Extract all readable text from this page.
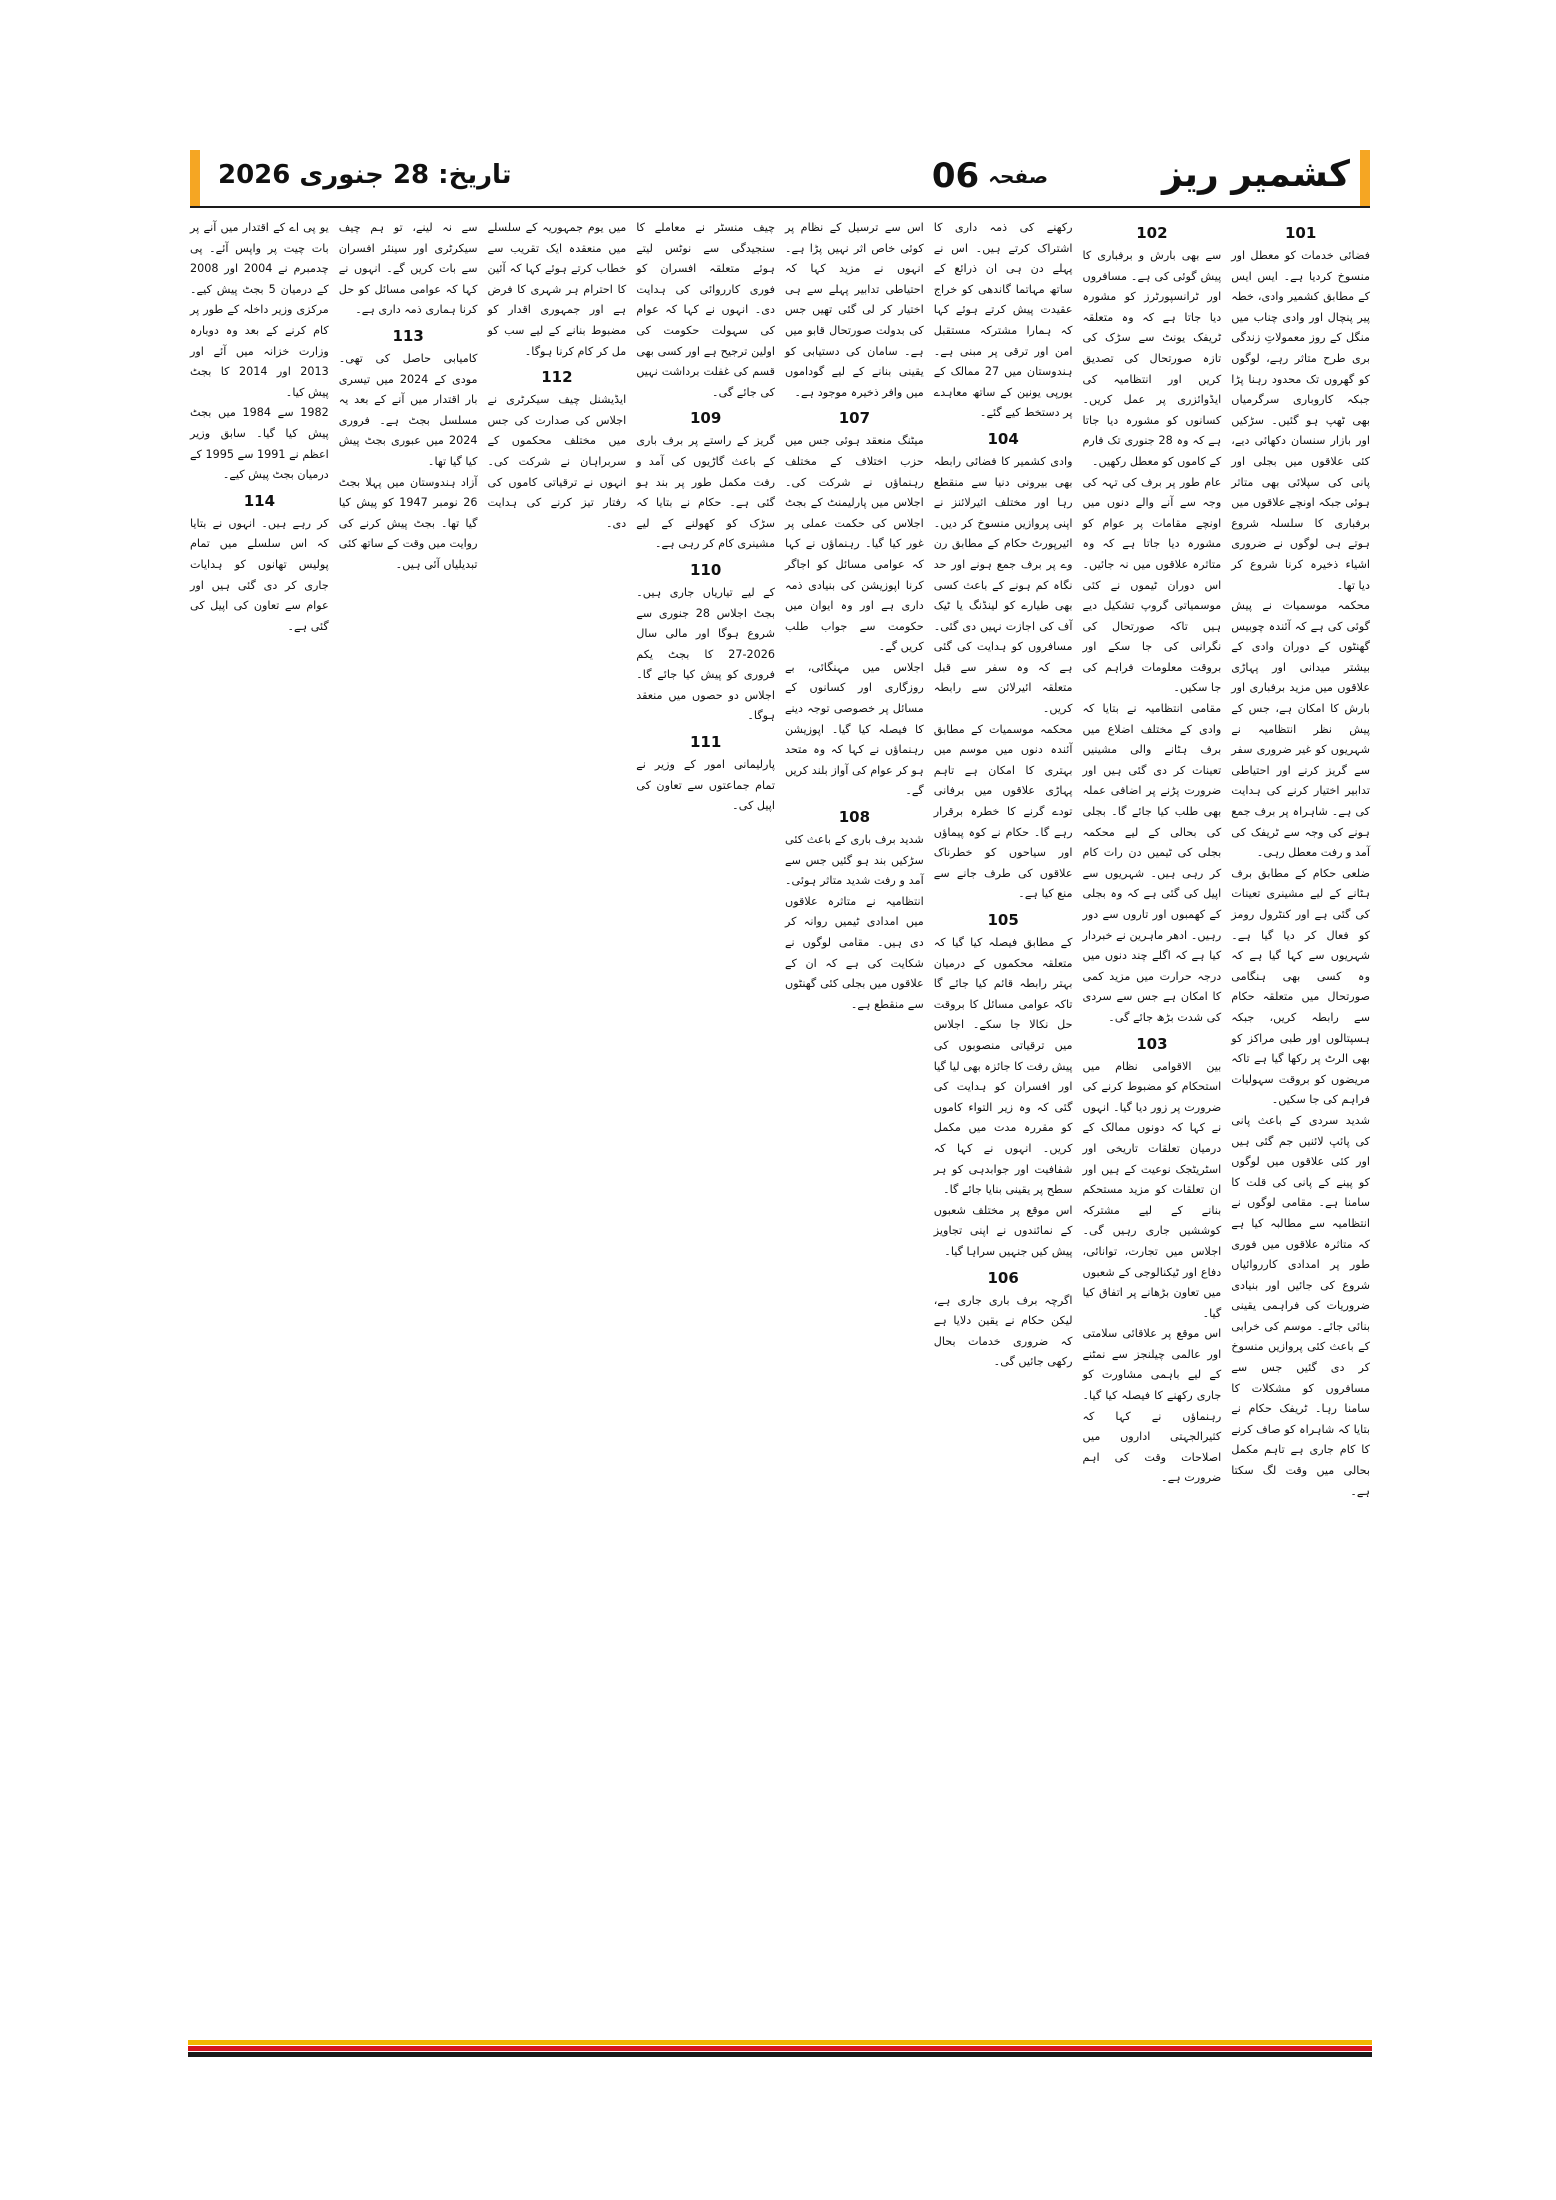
تاریخ: 28 جنوری 2026	صفحہ 06	کشمیر ریز
101
فضائی خدمات کو معطل اور منسوخ کردیا ہے۔ ایس ایس کے مطابق کشمیر وادی، خطہ پیر پنچال اور وادی چناب میں منگل کے روز معمولاتِ زندگی بری طرح متاثر رہے، لوگوں کو گھروں تک محدود رہنا پڑا جبکہ کاروباری سرگرمیاں بھی ٹھپ ہو گئیں۔ سڑکیں اور بازار سنسان دکھائی دیے، کئی علاقوں میں بجلی اور پانی کی سپلائی بھی متاثر ہوئی جبکہ اونچے علاقوں میں برفباری کا سلسلہ شروع ہوتے ہی لوگوں نے ضروری اشیاء ذخیرہ کرنا شروع کر دیا تھا۔
محکمہ موسمیات نے پیش گوئی کی ہے کہ آئندہ چوبیس گھنٹوں کے دوران وادی کے بیشتر میدانی اور پہاڑی علاقوں میں مزید برفباری اور بارش کا امکان ہے، جس کے پیش نظر انتظامیہ نے شہریوں کو غیر ضروری سفر سے گریز کرنے اور احتیاطی تدابیر اختیار کرنے کی ہدایت کی ہے۔ شاہراہ پر برف جمع ہونے کی وجہ سے ٹریفک کی آمد و رفت معطل رہی۔
ضلعی حکام کے مطابق برف ہٹانے کے لیے مشینری تعینات کی گئی ہے اور کنٹرول رومز کو فعال کر دیا گیا ہے۔ شہریوں سے کہا گیا ہے کہ وہ کسی بھی ہنگامی صورتحال میں متعلقہ حکام سے رابطہ کریں، جبکہ ہسپتالوں اور طبی مراکز کو بھی الرٹ پر رکھا گیا ہے تاکہ مریضوں کو بروقت سہولیات فراہم کی جا سکیں۔
شدید سردی کے باعث پانی کی پائپ لائنیں جم گئی ہیں اور کئی علاقوں میں لوگوں کو پینے کے پانی کی قلت کا سامنا ہے۔ مقامی لوگوں نے انتظامیہ سے مطالبہ کیا ہے کہ متاثرہ علاقوں میں فوری طور پر امدادی کارروائیاں شروع کی جائیں اور بنیادی ضروریات کی فراہمی یقینی بنائی جائے۔ موسم کی خرابی کے باعث کئی پروازیں منسوخ کر دی گئیں جس سے مسافروں کو مشکلات کا سامنا رہا۔ ٹریفک حکام نے بتایا کہ شاہراہ کو صاف کرنے کا کام جاری ہے تاہم مکمل بحالی میں وقت لگ سکتا ہے۔
102
سے بھی بارش و برفباری کا پیش گوئی کی ہے۔ مسافروں اور ٹرانسپورٹرز کو مشورہ دیا جاتا ہے کہ وہ متعلقہ ٹریفک یونٹ سے سڑک کی تازہ صورتحال کی تصدیق کریں اور انتظامیہ کی ایڈوائزری پر عمل کریں۔ کسانوں کو مشورہ دیا جاتا ہے کہ وہ 28 جنوری تک فارم کے کاموں کو معطل رکھیں۔
عام طور پر برف کی تہہ کی وجہ سے آنے والے دنوں میں اونچے مقامات پر عوام کو مشورہ دیا جاتا ہے کہ وہ متاثرہ علاقوں میں نہ جائیں۔ اس دوران ٹیموں نے کئی موسمیاتی گروپ تشکیل دیے ہیں تاکہ صورتحال کی نگرانی کی جا سکے اور بروقت معلومات فراہم کی جا سکیں۔
مقامی انتظامیہ نے بتایا کہ وادی کے مختلف اضلاع میں برف ہٹانے والی مشینیں تعینات کر دی گئی ہیں اور ضرورت پڑنے پر اضافی عملہ بھی طلب کیا جائے گا۔ بجلی کی بحالی کے لیے محکمہ بجلی کی ٹیمیں دن رات کام کر رہی ہیں۔ شہریوں سے اپیل کی گئی ہے کہ وہ بجلی کے کھمبوں اور تاروں سے دور رہیں۔ ادھر ماہرین نے خبردار کیا ہے کہ اگلے چند دنوں میں درجہ حرارت میں مزید کمی کا امکان ہے جس سے سردی کی شدت بڑھ جائے گی۔
103
بین الاقوامی نظام میں استحکام کو مضبوط کرنے کی ضرورت پر زور دیا گیا۔ انہوں نے کہا کہ دونوں ممالک کے درمیان تعلقات تاریخی اور اسٹریٹجک نوعیت کے ہیں اور ان تعلقات کو مزید مستحکم بنانے کے لیے مشترکہ کوششیں جاری رہیں گی۔ اجلاس میں تجارت، توانائی، دفاع اور ٹیکنالوجی کے شعبوں میں تعاون بڑھانے پر اتفاق کیا گیا۔
اس موقع پر علاقائی سلامتی اور عالمی چیلنجز سے نمٹنے کے لیے باہمی مشاورت کو جاری رکھنے کا فیصلہ کیا گیا۔ رہنماؤں نے کہا کہ کثیرالجہتی اداروں میں اصلاحات وقت کی اہم ضرورت ہے۔
رکھنے کی ذمہ داری کا اشتراک کرتے ہیں۔ اس نے پہلے دن ہی ان ذرائع کے ساتھ مہاتما گاندھی کو خراج عقیدت پیش کرتے ہوئے کہا کہ ہمارا مشترکہ مستقبل امن اور ترقی پر مبنی ہے۔ ہندوستان میں 27 ممالک کے یورپی یونین کے ساتھ معاہدے پر دستخط کیے گئے۔
104
وادی کشمیر کا فضائی رابطہ بھی بیرونی دنیا سے منقطع رہا اور مختلف ائیرلائنز نے اپنی پروازیں منسوخ کر دیں۔ ائیرپورٹ حکام کے مطابق رن وے پر برف جمع ہونے اور حد نگاہ کم ہونے کے باعث کسی بھی طیارے کو لینڈنگ یا ٹیک آف کی اجازت نہیں دی گئی۔ مسافروں کو ہدایت کی گئی ہے کہ وہ سفر سے قبل متعلقہ ائیرلائن سے رابطہ کریں۔
محکمہ موسمیات کے مطابق آئندہ دنوں میں موسم میں بہتری کا امکان ہے تاہم پہاڑی علاقوں میں برفانی تودے گرنے کا خطرہ برقرار رہے گا۔ حکام نے کوہ پیماؤں اور سیاحوں کو خطرناک علاقوں کی طرف جانے سے منع کیا ہے۔
105
کے مطابق فیصلہ کیا گیا کہ متعلقہ محکموں کے درمیان بہتر رابطہ قائم کیا جائے گا تاکہ عوامی مسائل کا بروقت حل نکالا جا سکے۔ اجلاس میں ترقیاتی منصوبوں کی پیش رفت کا جائزہ بھی لیا گیا اور افسران کو ہدایت کی گئی کہ وہ زیر التواء کاموں کو مقررہ مدت میں مکمل کریں۔ انہوں نے کہا کہ شفافیت اور جوابدہی کو ہر سطح پر یقینی بنایا جائے گا۔
اس موقع پر مختلف شعبوں کے نمائندوں نے اپنی تجاویز پیش کیں جنہیں سراہا گیا۔
106
اگرچہ برف باری جاری ہے، لیکن حکام نے یقین دلایا ہے کہ ضروری خدمات بحال رکھی جائیں گی۔
اس سے ترسیل کے نظام پر کوئی خاص اثر نہیں پڑا ہے۔ انہوں نے مزید کہا کہ احتیاطی تدابیر پہلے سے ہی اختیار کر لی گئی تھیں جس کی بدولت صورتحال قابو میں ہے۔ سامان کی دستیابی کو یقینی بنانے کے لیے گوداموں میں وافر ذخیرہ موجود ہے۔
107
میٹنگ منعقد ہوئی جس میں حزب اختلاف کے مختلف رہنماؤں نے شرکت کی۔ اجلاس میں پارلیمنٹ کے بجٹ اجلاس کی حکمت عملی پر غور کیا گیا۔ رہنماؤں نے کہا کہ عوامی مسائل کو اجاگر کرنا اپوزیشن کی بنیادی ذمہ داری ہے اور وہ ایوان میں حکومت سے جواب طلب کریں گے۔
اجلاس میں مہنگائی، بے روزگاری اور کسانوں کے مسائل پر خصوصی توجہ دینے کا فیصلہ کیا گیا۔ اپوزیشن رہنماؤں نے کہا کہ وہ متحد ہو کر عوام کی آواز بلند کریں گے۔
108
شدید برف باری کے باعث کئی سڑکیں بند ہو گئیں جس سے آمد و رفت شدید متاثر ہوئی۔ انتظامیہ نے متاثرہ علاقوں میں امدادی ٹیمیں روانہ کر دی ہیں۔ مقامی لوگوں نے شکایت کی ہے کہ ان کے علاقوں میں بجلی کئی گھنٹوں سے منقطع ہے۔
چیف منسٹر نے معاملے کا سنجیدگی سے نوٹس لیتے ہوئے متعلقہ افسران کو فوری کارروائی کی ہدایت دی۔ انہوں نے کہا کہ عوام کی سہولت حکومت کی اولین ترجیح ہے اور کسی بھی قسم کی غفلت برداشت نہیں کی جائے گی۔
109
گریز کے راستے پر برف باری کے باعث گاڑیوں کی آمد و رفت مکمل طور پر بند ہو گئی ہے۔ حکام نے بتایا کہ سڑک کو کھولنے کے لیے مشینری کام کر رہی ہے۔
110
کے لیے تیاریاں جاری ہیں۔ بجٹ اجلاس 28 جنوری سے شروع ہوگا اور مالی سال 2026-27 کا بجٹ یکم فروری کو پیش کیا جائے گا۔ اجلاس دو حصوں میں منعقد ہوگا۔
111
پارلیمانی امور کے وزیر نے تمام جماعتوں سے تعاون کی اپیل کی۔
میں یوم جمہوریہ کے سلسلے میں منعقدہ ایک تقریب سے خطاب کرتے ہوئے کہا کہ آئین کا احترام ہر شہری کا فرض ہے اور جمہوری اقدار کو مضبوط بنانے کے لیے سب کو مل کر کام کرنا ہوگا۔
112
ایڈیشنل چیف سیکرٹری نے اجلاس کی صدارت کی جس میں مختلف محکموں کے سربراہان نے شرکت کی۔ انہوں نے ترقیاتی کاموں کی رفتار تیز کرنے کی ہدایت دی۔
سے نہ لینے، تو ہم چیف سیکرٹری اور سینئر افسران سے بات کریں گے۔ انہوں نے کہا کہ عوامی مسائل کو حل کرنا ہماری ذمہ داری ہے۔
113
کامیابی حاصل کی تھی۔ مودی کے 2024 میں تیسری بار اقتدار میں آنے کے بعد یہ مسلسل بجٹ ہے۔ فروری 2024 میں عبوری بجٹ پیش کیا گیا تھا۔
آزاد ہندوستان میں پہلا بجٹ 26 نومبر 1947 کو پیش کیا گیا تھا۔ بجٹ پیش کرنے کی روایت میں وقت کے ساتھ کئی تبدیلیاں آئی ہیں۔
یو پی اے کے اقتدار میں آنے پر بات چیت پر واپس آئے۔ پی چدمبرم نے 2004 اور 2008 کے درمیان 5 بجٹ پیش کیے۔ مرکزی وزیر داخلہ کے طور پر کام کرنے کے بعد وہ دوبارہ وزارت خزانہ میں آئے اور 2013 اور 2014 کا بجٹ پیش کیا۔
1982 سے 1984 میں بجٹ پیش کیا گیا۔ سابق وزیر اعظم نے 1991 سے 1995 کے درمیان بجٹ پیش کیے۔
114
کر رہے ہیں۔ انہوں نے بتایا کہ اس سلسلے میں تمام پولیس تھانوں کو ہدایات جاری کر دی گئی ہیں اور عوام سے تعاون کی اپیل کی گئی ہے۔
